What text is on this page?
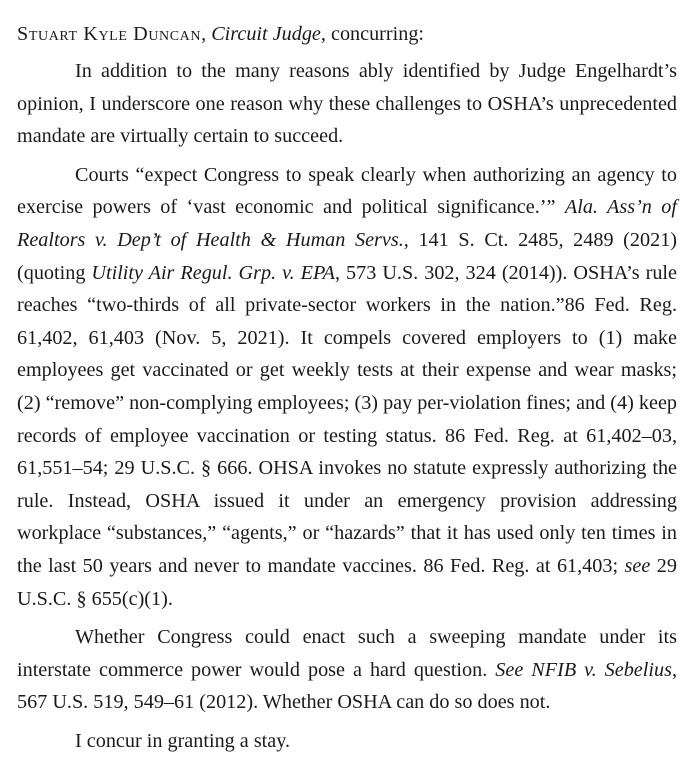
Stuart Kyle Duncan, Circuit Judge, concurring:

In addition to the many reasons ably identified by Judge Engelhardt’s opinion, I underscore one reason why these challenges to OSHA’s unprecedented mandate are virtually certain to succeed.

Courts “expect Congress to speak clearly when authorizing an agency to exercise powers of ‘vast economic and political significance.’” Ala. Ass’n of Realtors v. Dep’t of Health & Human Servs., 141 S. Ct. 2485, 2489 (2021) (quoting Utility Air Regul. Grp. v. EPA, 573 U.S. 302, 324 (2014)). OSHA’s rule reaches “two-thirds of all private-sector workers in the nation.”86 Fed. Reg. 61,402, 61,403 (Nov. 5, 2021). It compels covered employers to (1) make employees get vaccinated or get weekly tests at their expense and wear masks; (2) “remove” non-complying employees; (3) pay per-violation fines; and (4) keep records of employee vaccination or testing status. 86 Fed. Reg. at 61,402–03, 61,551–54; 29 U.S.C. § 666. OHSA invokes no statute expressly authorizing the rule. Instead, OSHA issued it under an emergency provision addressing workplace “substances,” “agents,” or “hazards” that it has used only ten times in the last 50 years and never to mandate vaccines. 86 Fed. Reg. at 61,403; see 29 U.S.C. § 655(c)(1).

Whether Congress could enact such a sweeping mandate under its interstate commerce power would pose a hard question. See NFIB v. Sebelius, 567 U.S. 519, 549–61 (2012). Whether OSHA can do so does not.

I concur in granting a stay.
